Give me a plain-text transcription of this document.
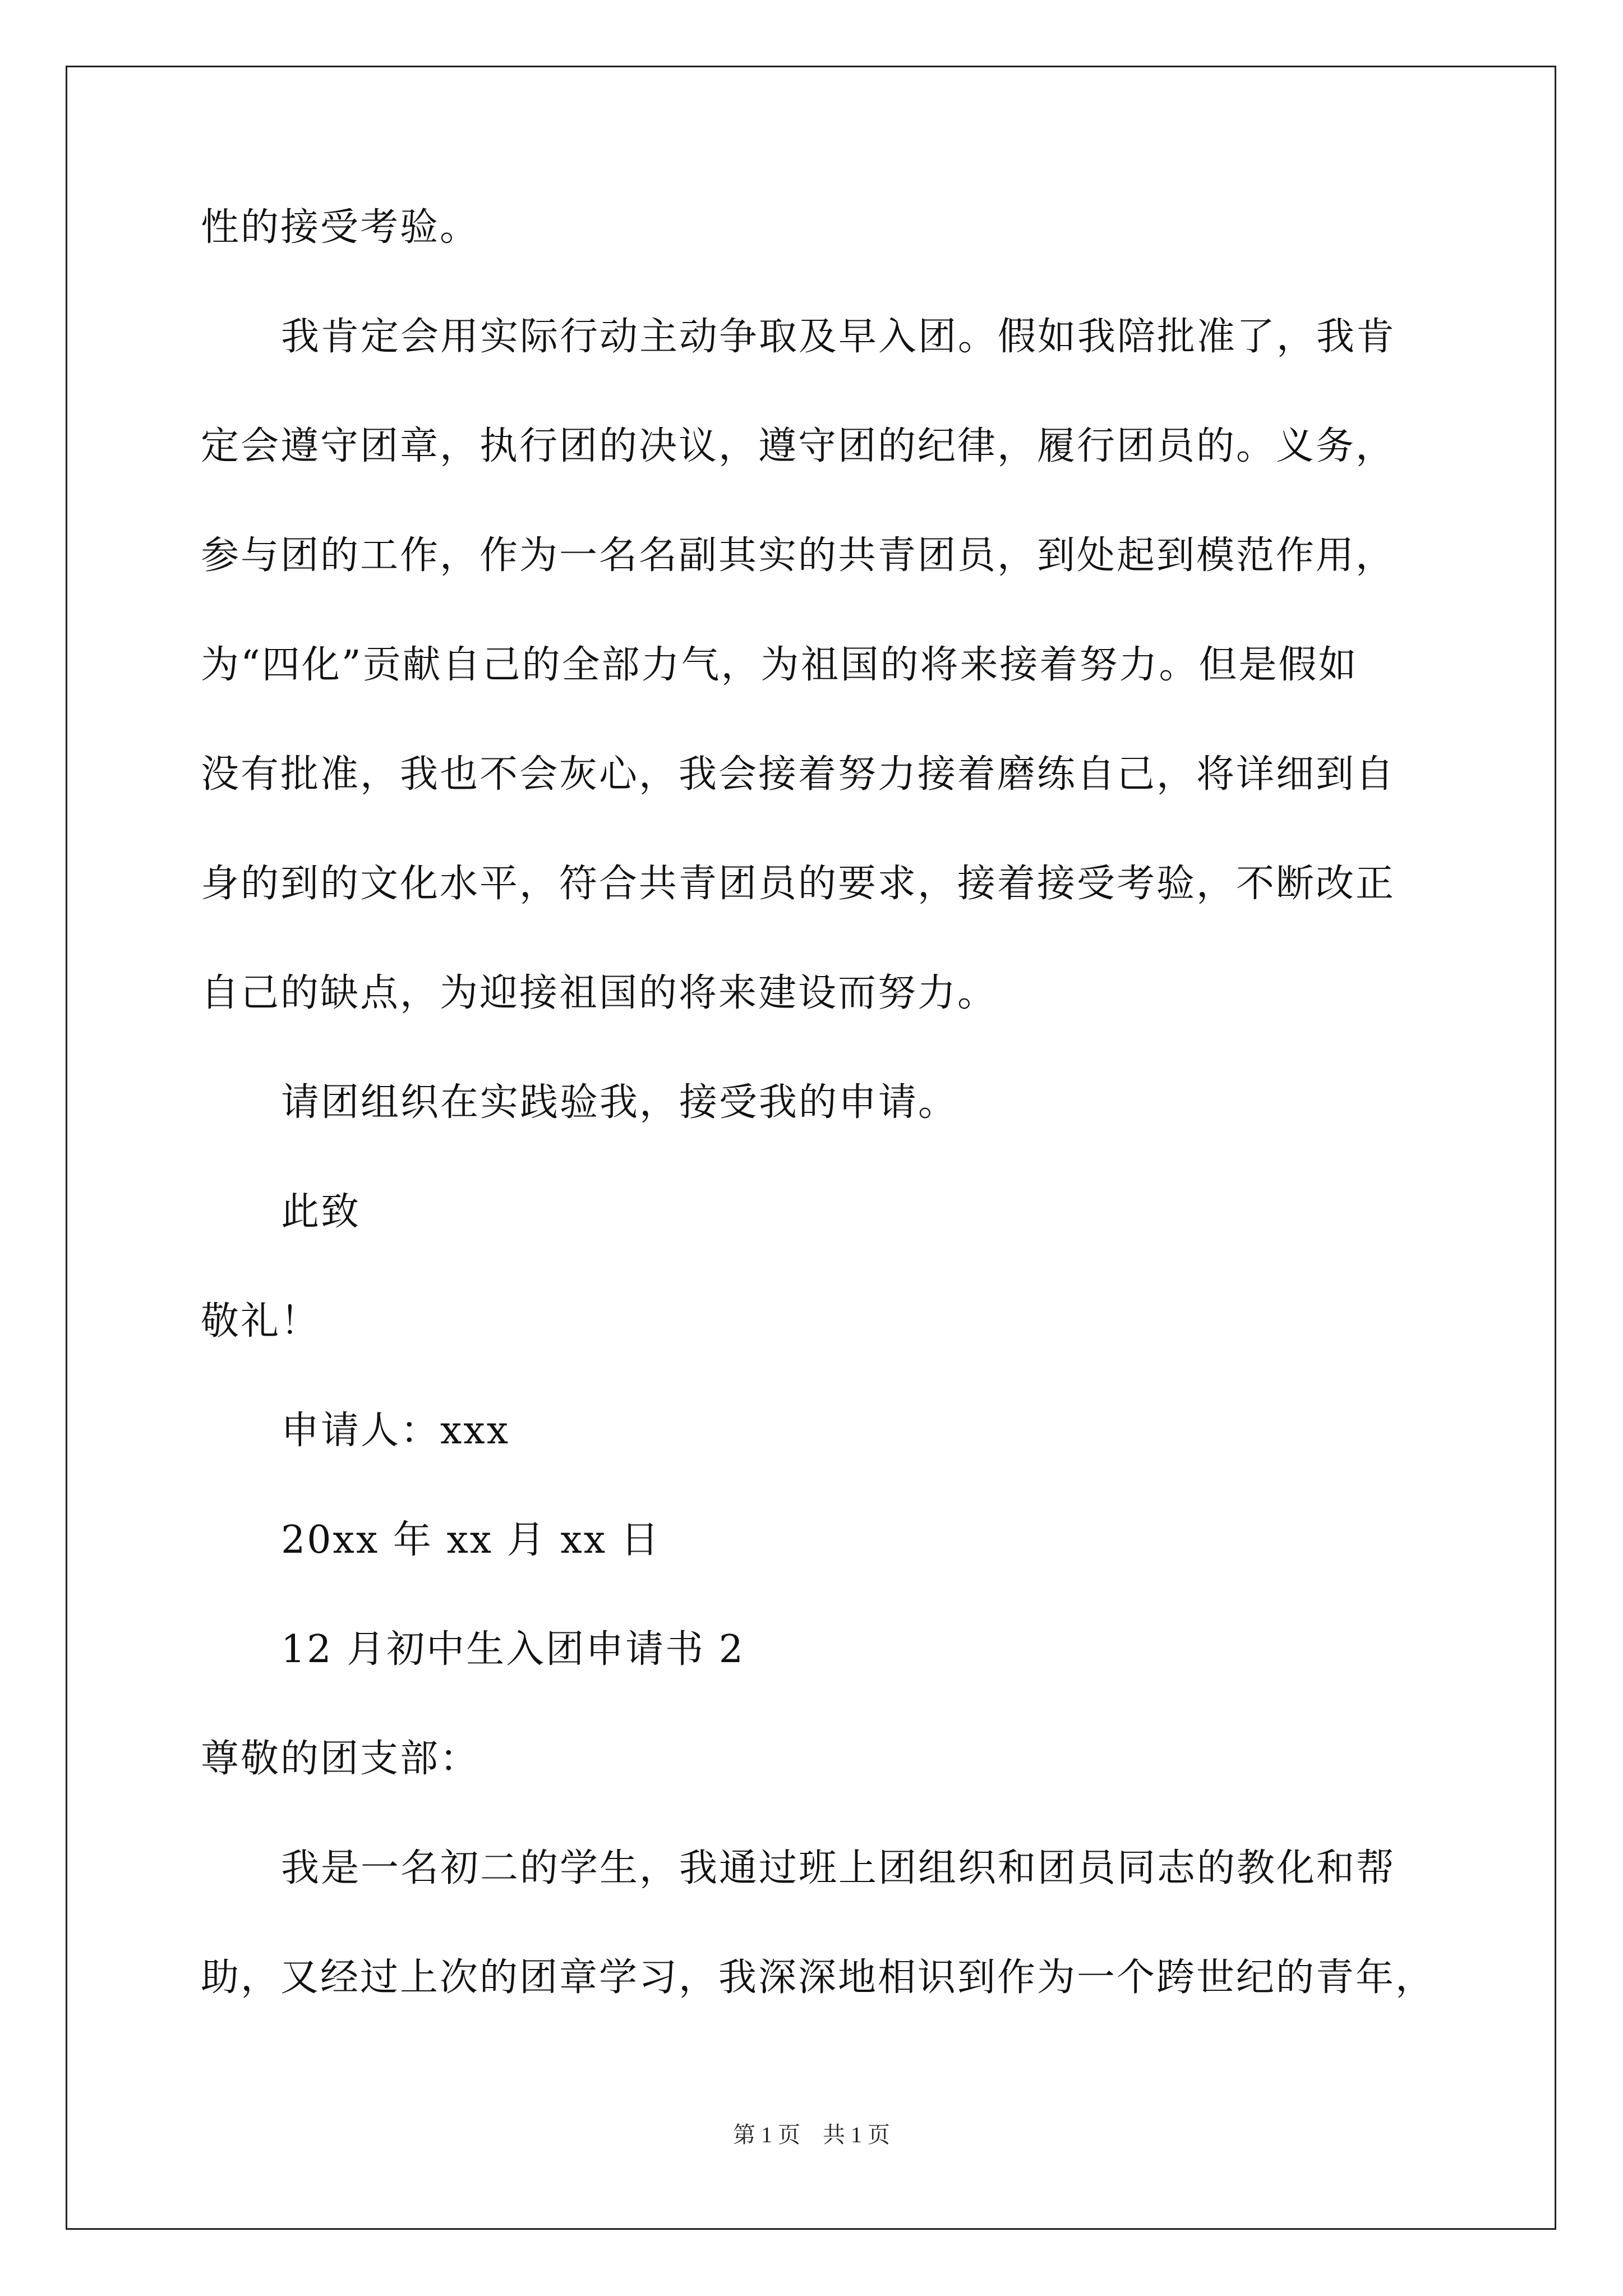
性的接受考验。
我肯定会用实际行动主动争取及早入团。假如我陪批准了，我肯
定会遵守团章，执行团的决议，遵守团的纪律，履行团员的。义务，
参与团的工作，作为一名名副其实的共青团员，到处起到模范作用，
为“四化”贡献自己的全部力气，为祖国的将来接着努力。但是假如
没有批准，我也不会灰心，我会接着努力接着磨练自己，将详细到自
身的到的文化水平，符合共青团员的要求，接着接受考验，不断改正
自己的缺点，为迎接祖国的将来建设而努力。
请团组织在实践验我，接受我的申请。
此致
敬礼！
申请人：xxx
20xx 年 xx 月 xx 日
12 月初中生入团申请书 2
尊敬的团支部：
我是一名初二的学生，我通过班上团组织和团员同志的教化和帮
助，又经过上次的团章学习，我深深地相识到作为一个跨世纪的青年，
第 1 页　共 1 页
